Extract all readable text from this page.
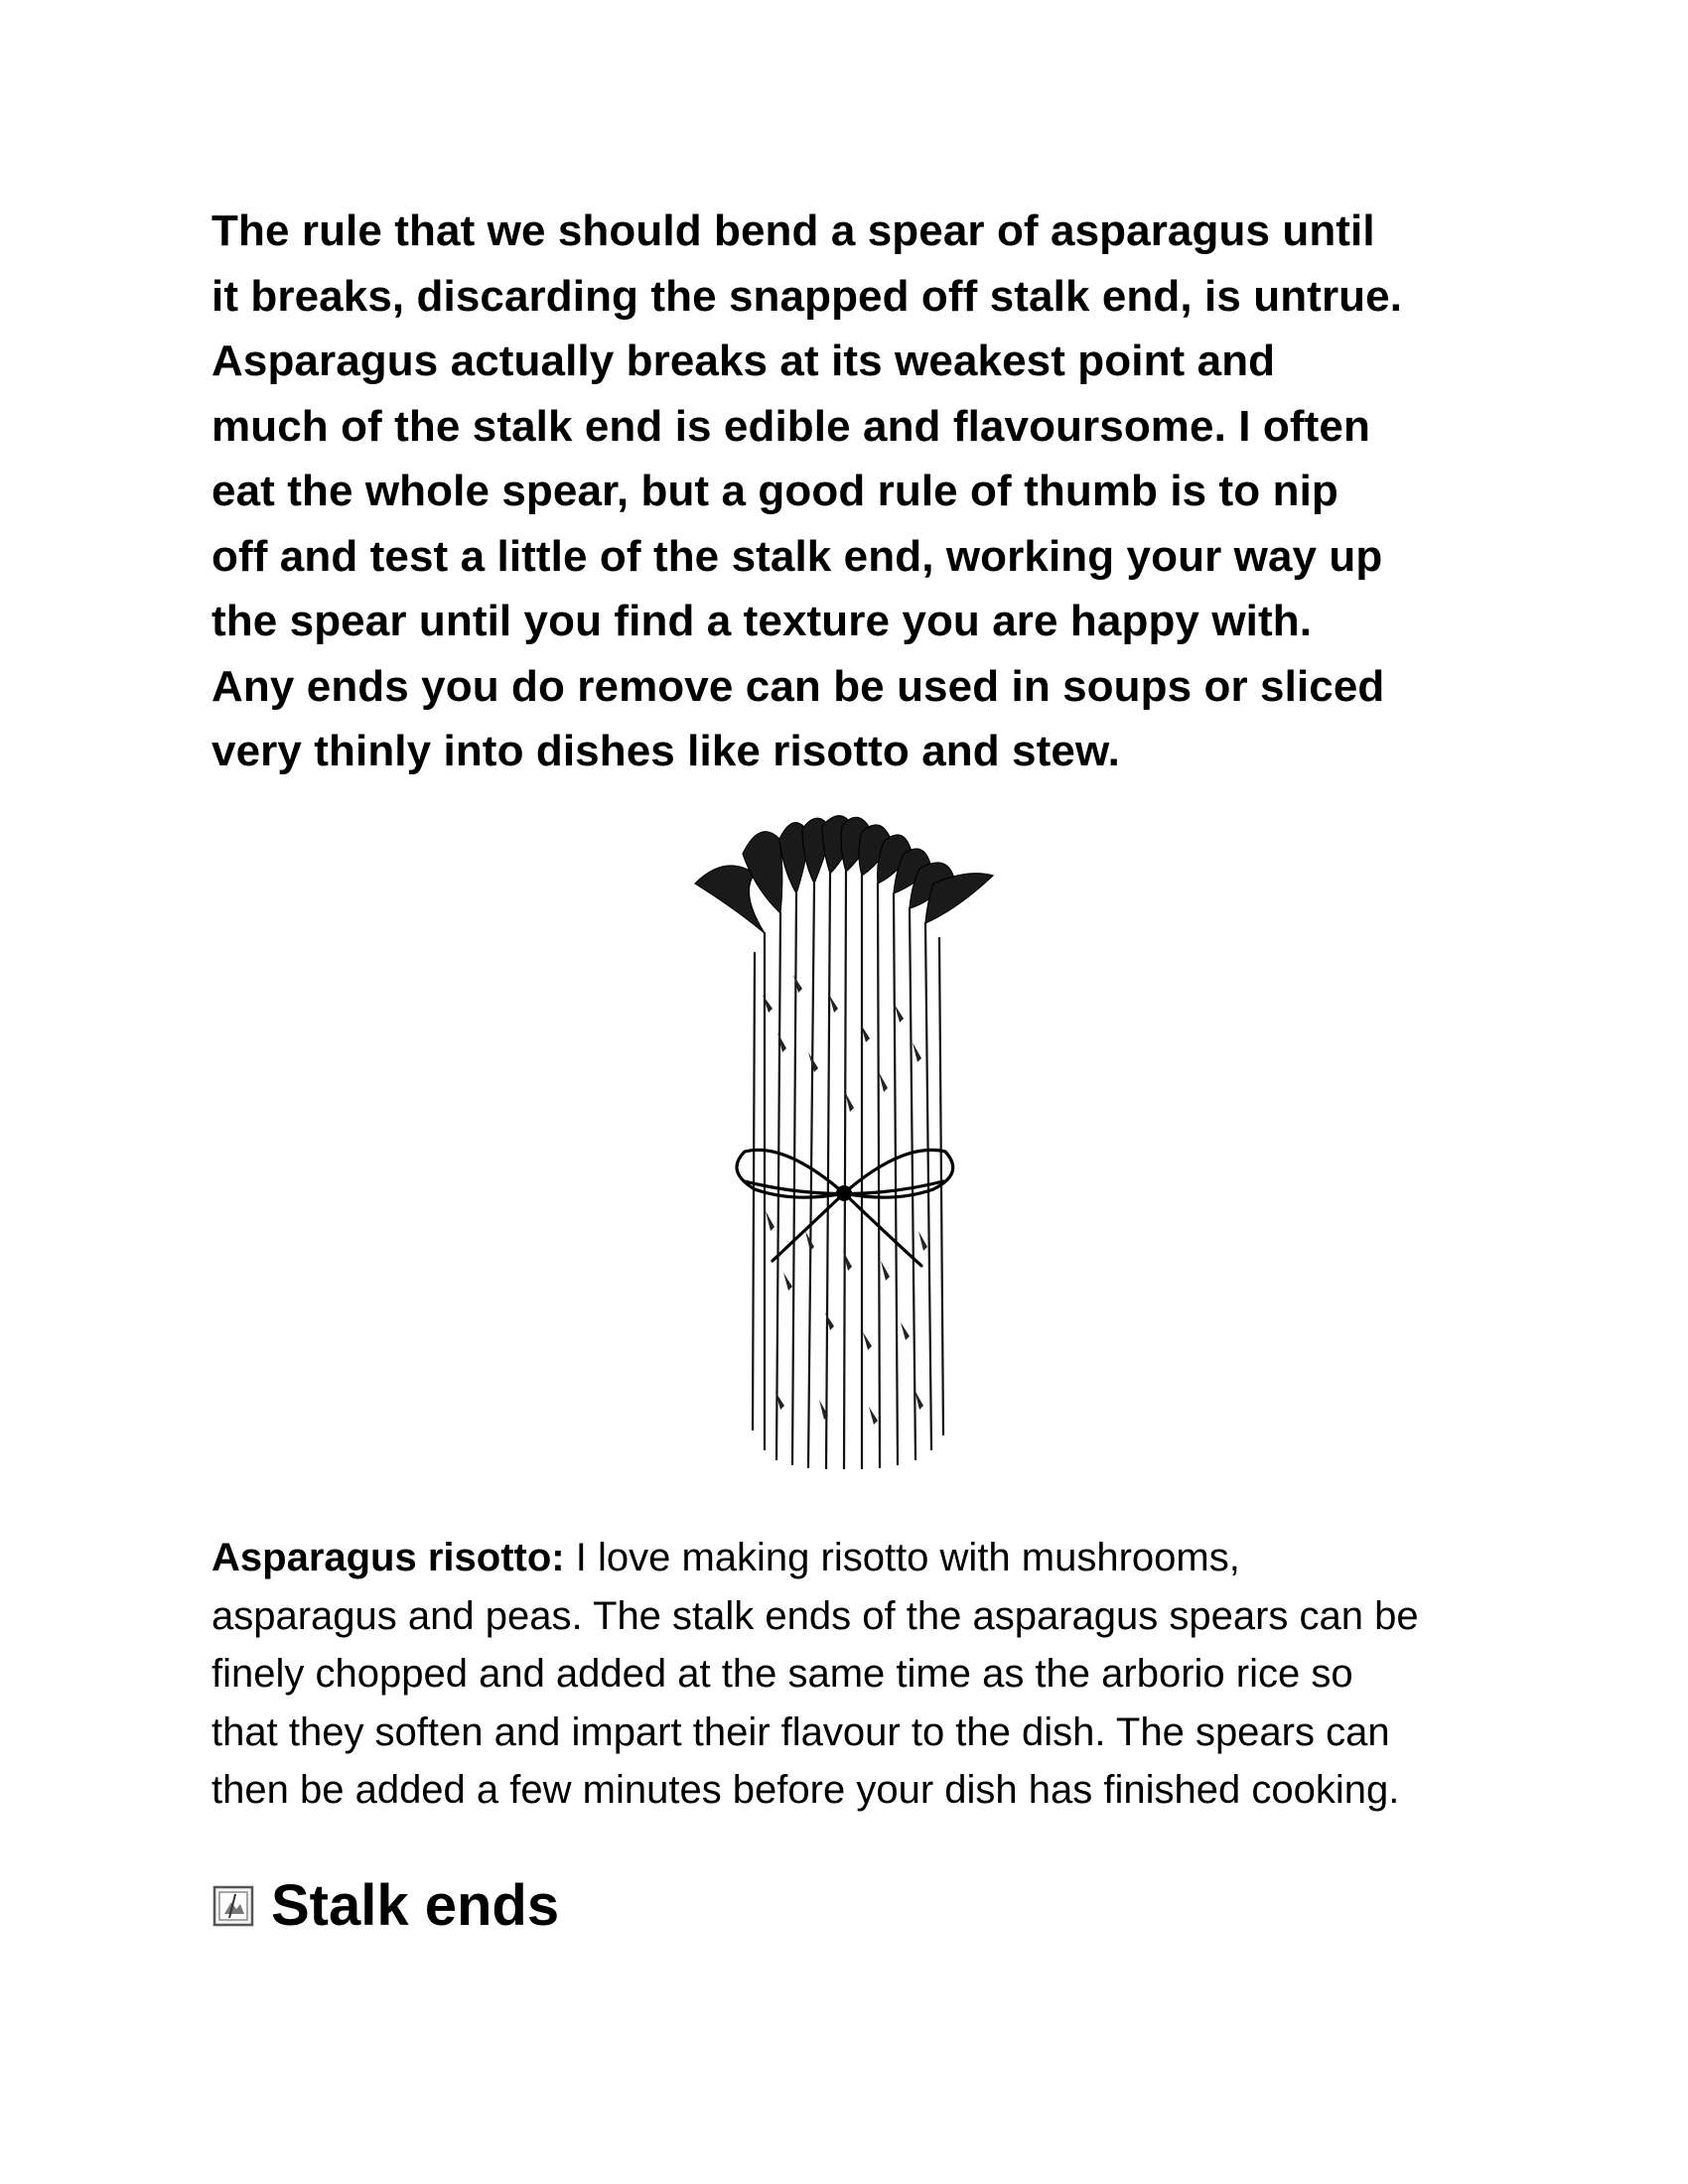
The rule that we should bend a spear of asparagus until
it breaks, discarding the snapped off stalk end, is untrue.
Asparagus actually breaks at its weakest point and
much of the stalk end is edible and flavoursome. I often
eat the whole spear, but a good rule of thumb is to nip
off and test a little of the stalk end, working your way up
the spear until you find a texture you are happy with.
Any ends you do remove can be used in soups or sliced
very thinly into dishes like risotto and stew.

Asparagus risotto: I love making risotto with mushrooms,
asparagus and peas. The stalk ends of the asparagus spears can be
finely chopped and added at the same time as the arborio rice so
that they soften and impart their flavour to the dish. The spears can
then be added a few minutes before your dish has finished cooking.

Stalk ends
